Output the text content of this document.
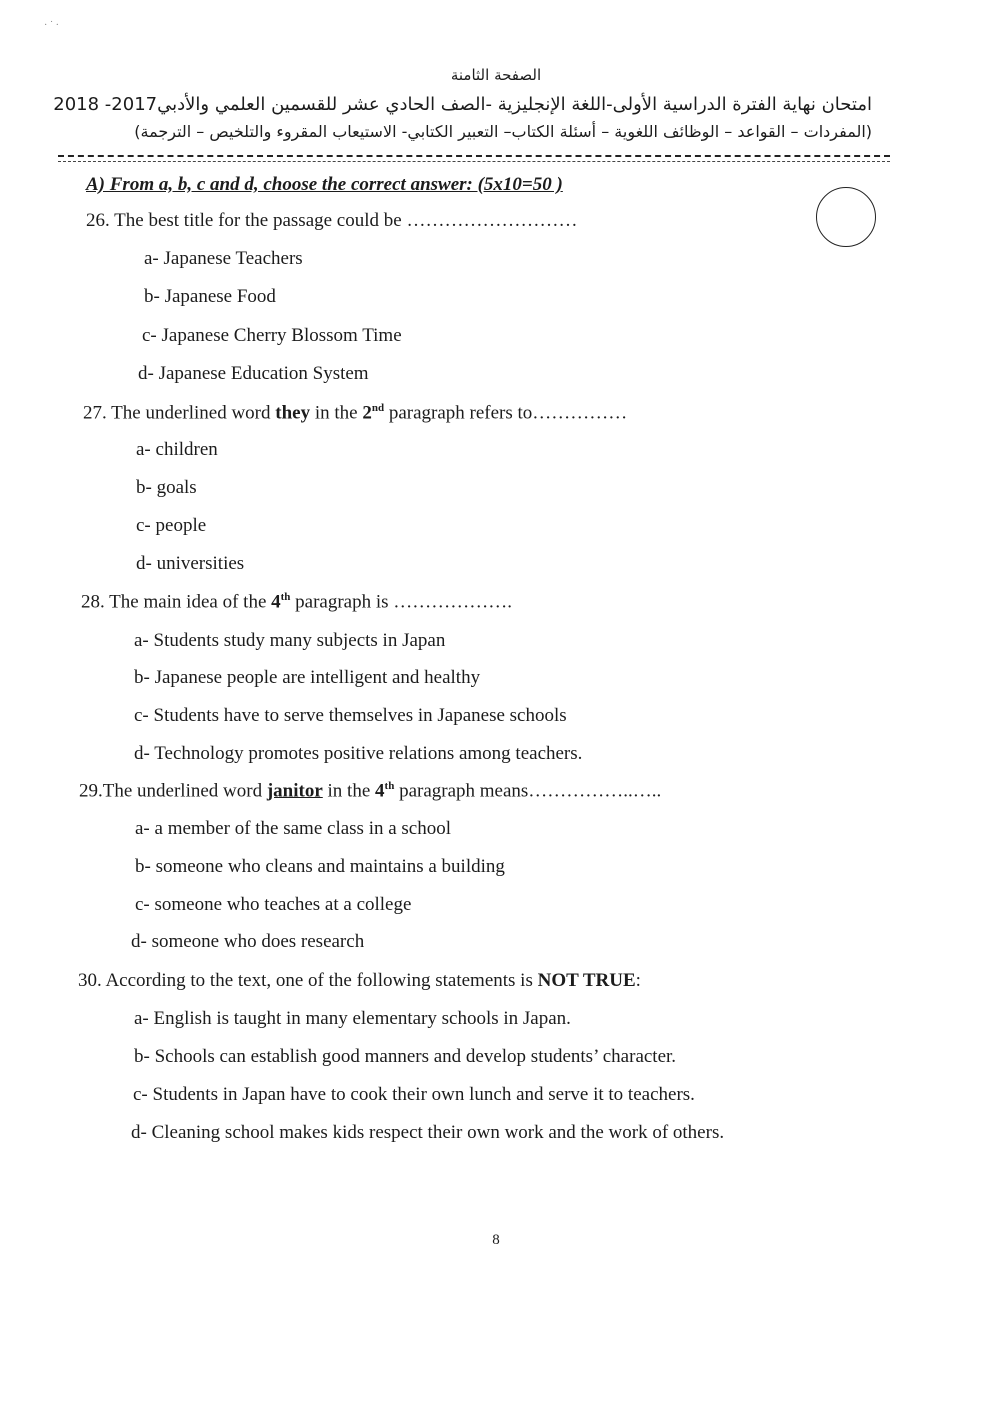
· ˙ ·
الصفحة الثامنة
امتحان نهاية الفترة الدراسية الأولى-اللغة الإنجليزية -الصف الحادي عشر للقسمين العلمي والأدبي2017- 2018
(المفردات – القواعد – الوظائف اللغوية – أسئلة الكتاب– التعبير الكتابي- الاستيعاب المقروء والتلخيص – الترجمة)
A) From a, b, c and d, choose the correct answer: (5x10=50 )
26. The best title for the passage could be ………………………
a- Japanese Teachers
b- Japanese Food
c- Japanese Cherry Blossom Time
d- Japanese Education System
27. The underlined word they in the 2nd paragraph refers to……………
a- children
b- goals
c- people
d- universities
28. The main idea of the 4th paragraph is ……………….
a- Students study many subjects in Japan
b- Japanese people are intelligent and healthy
c- Students have to serve themselves in Japanese schools
d- Technology promotes positive relations among teachers.
29.The underlined word janitor in the 4th paragraph means……………..…..
a- a member of the same class in a school
b- someone who cleans and maintains a building
c- someone who teaches at a college
d- someone who does research
30. According to the text, one of the following statements is NOT TRUE:
a- English is taught in many elementary schools in Japan.
b- Schools can establish good manners and develop students’ character.
c- Students in Japan have to cook their own lunch and serve it to teachers.
d- Cleaning school makes kids respect their own work and the work of others.
8
